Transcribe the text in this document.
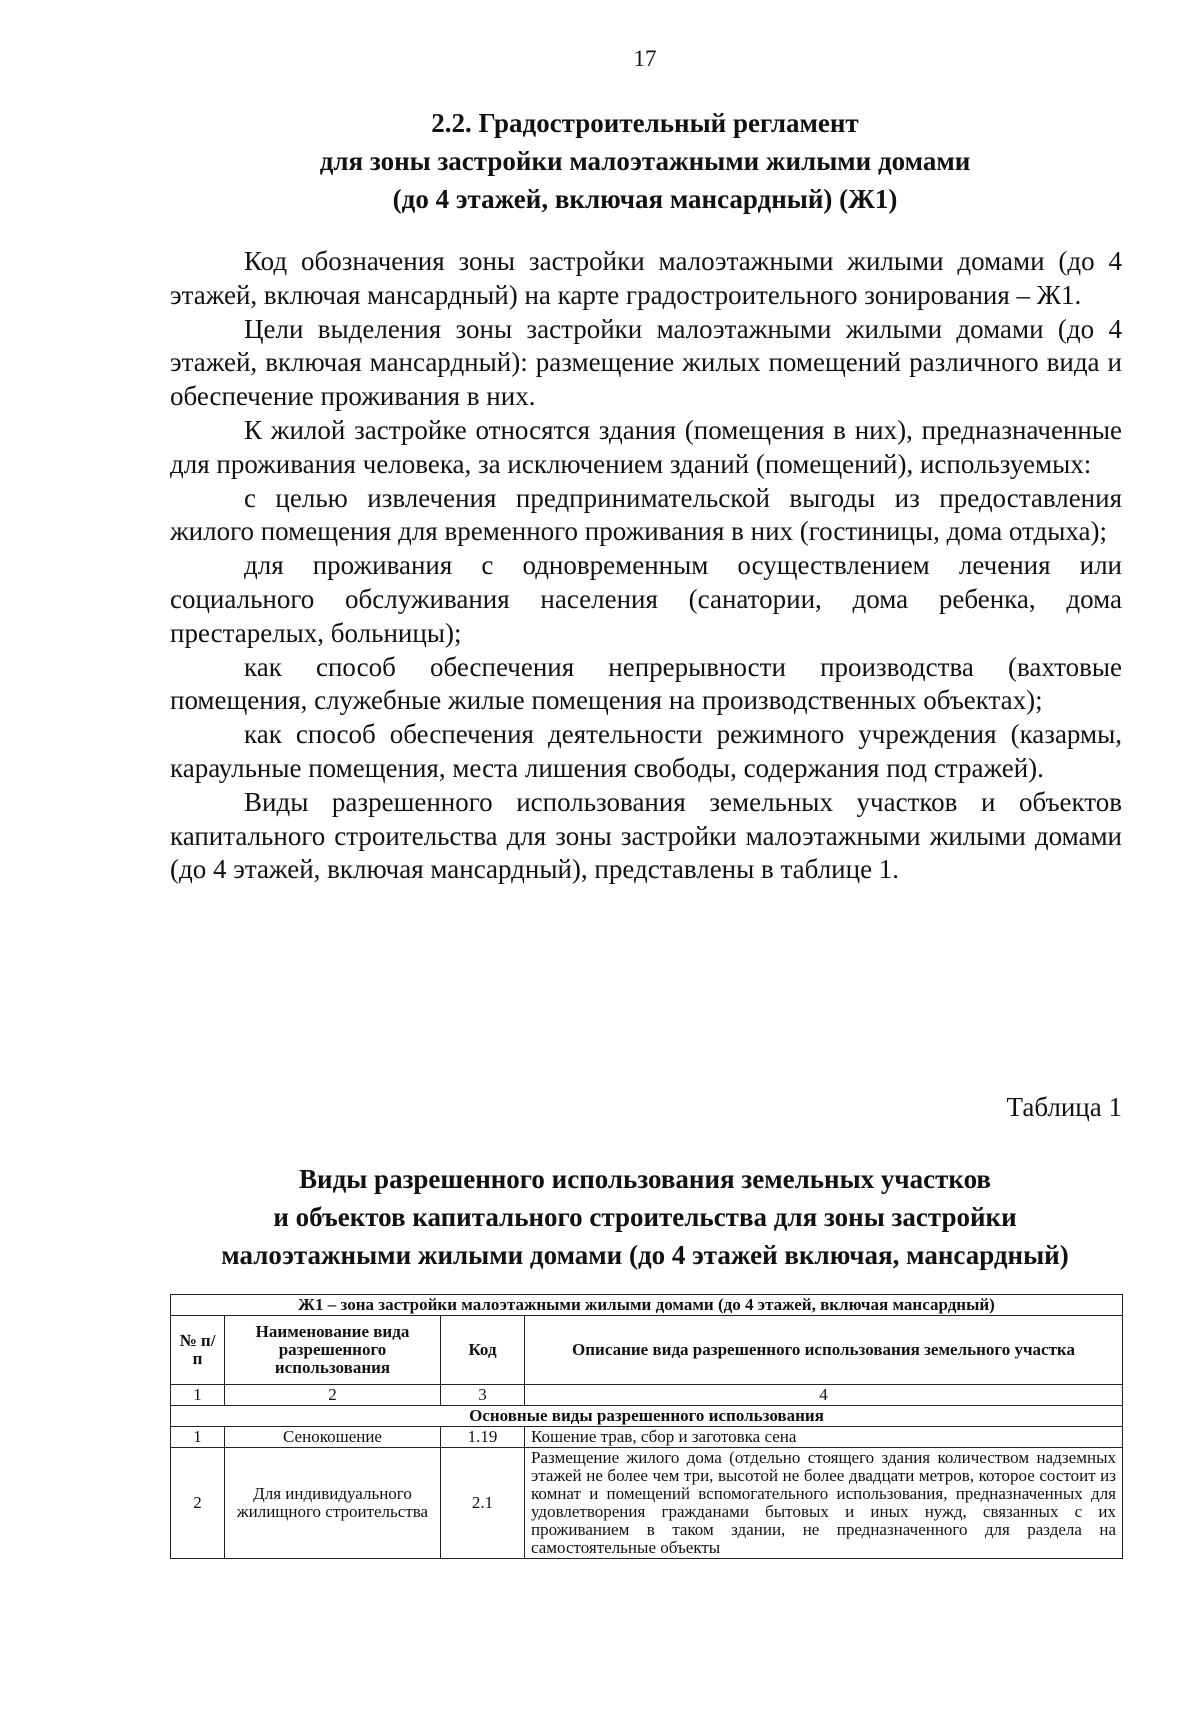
17
2.2. Градостроительный регламент
для зоны застройки малоэтажными жилыми домами
(до 4 этажей, включая мансардный) (Ж1)

Код обозначения зоны застройки малоэтажными жилыми домами (до 4 этажей, включая мансардный) на карте градостроительного зонирования – Ж1.

Цели выделения зоны застройки малоэтажными жилыми домами (до 4 этажей, включая мансардный): размещение жилых помещений различного вида и обеспечение проживания в них.

К жилой застройке относятся здания (помещения в них), предназначенные для проживания человека, за исключением зданий (помещений), используемых:

с целью извлечения предпринимательской выгоды из предоставления жилого помещения для временного проживания в них (гостиницы, дома отдыха);

для проживания с одновременным осуществлением лечения или социального обслуживания населения (санатории, дома ребенка, дома престарелых, больницы);

как способ обеспечения непрерывности производства (вахтовые помещения, служебные жилые помещения на производственных объектах);

как способ обеспечения деятельности режимного учреждения (казармы, караульные помещения, места лишения свободы, содержания под стражей).

Виды разрешенного использования земельных участков и объектов капитального строительства для зоны застройки малоэтажными жилыми домами (до 4 этажей, включая мансардный), представлены в таблице 1.

Таблица 1
Виды разрешенного использования земельных участков
и объектов капитального строительства для зоны застройки
малоэтажными жилыми домами (до 4 этажей включая, мансардный)
Ж1 – зона застройки малоэтажными жилыми домами (до 4 этажей, включая мансардный)			
№ п/п	Наименование вида разрешенного использования	Код	Описание вида разрешенного использования земельного участка
1	2	3	4
Основные виды разрешенного использования			
1	Сенокошение	1.19	Кошение трав, сбор и заготовка сена
2	Для индивидуального жилищного строительства	2.1	Размещение жилого дома (отдельно стоящего здания количеством надземных этажей не более чем три, высотой не более двадцати метров, которое состоит из комнат и помещений вспомогательного использования, предназначенных для удовлетворения гражданами бытовых и иных нужд, связанных с их проживанием в таком здании, не предназначенного для раздела на самостоятельные объекты
